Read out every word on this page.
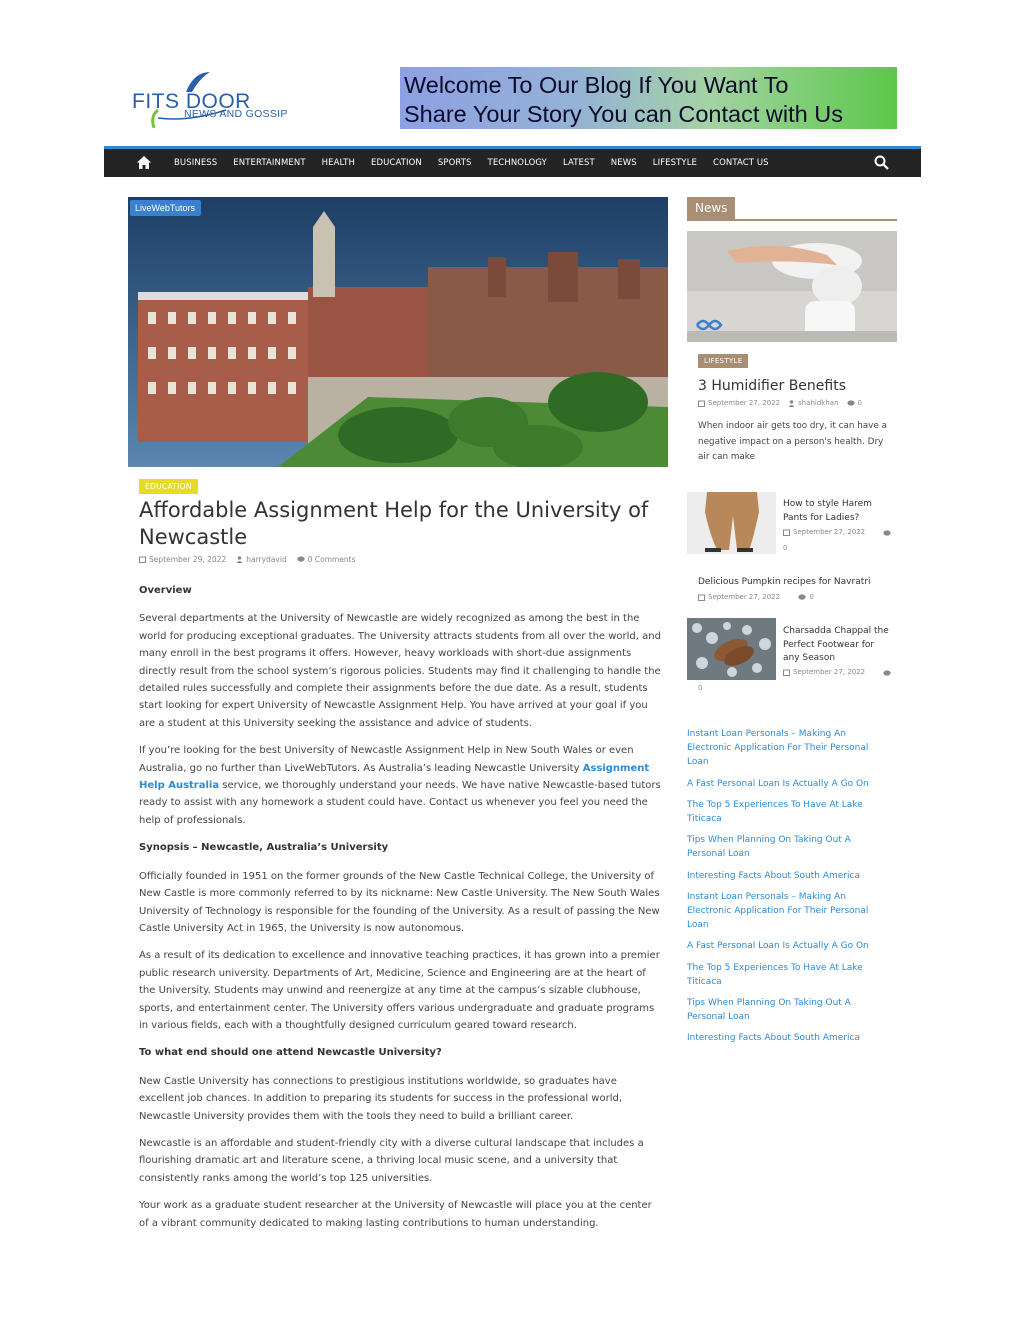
FITS DOOR
NEWS AND GOSSIP
Welcome To Our Blog If You Want To
Share Your Story You can Contact with Us
BUSINESS	ENTERTAINMENT	HEALTH	EDUCATION	SPORTS	TECHNOLOGY	LATEST	NEWS	LIFESTYLE	CONTACT US
LiveWebTutors
EDUCATION
Affordable Assignment Help for the University of Newcastle
September 29, 2022	harrydavid	0 Comments
Overview

Several departments at the University of Newcastle are widely recognized as among the best in the world for producing exceptional graduates. The University attracts students from all over the world, and many enroll in the best programs it offers. However, heavy workloads with short-due assignments directly result from the school system’s rigorous policies. Students may find it challenging to handle the detailed rules successfully and complete their assignments before the due date. As a result, students start looking for expert University of Newcastle Assignment Help. You have arrived at your goal if you are a student at this University seeking the assistance and advice of students.

If you’re looking for the best University of Newcastle Assignment Help in New South Wales or even Australia, go no further than LiveWebTutors. As Australia’s leading Newcastle University Assignment Help Australia service, we thoroughly understand your needs. We have native Newcastle-based tutors ready to assist with any homework a student could have. Contact us whenever you feel you need the help of professionals.

Synopsis – Newcastle, Australia’s University

Officially founded in 1951 on the former grounds of the New Castle Technical College, the University of New Castle is more commonly referred to by its nickname: New Castle University. The New South Wales University of Technology is responsible for the founding of the University. As a result of passing the New Castle University Act in 1965, the University is now autonomous.

As a result of its dedication to excellence and innovative teaching practices, it has grown into a premier public research university. Departments of Art, Medicine, Science and Engineering are at the heart of the University. Students may unwind and reenergize at any time at the campus’s sizable clubhouse, sports, and entertainment center. The University offers various undergraduate and graduate programs in various fields, each with a thoughtfully designed curriculum geared toward research.

To what end should one attend Newcastle University?

New Castle University has connections to prestigious institutions worldwide, so graduates have excellent job chances. In addition to preparing its students for success in the professional world, Newcastle University provides them with the tools they need to build a brilliant career.

Newcastle is an affordable and student-friendly city with a diverse cultural landscape that includes a flourishing dramatic art and literature scene, a thriving local music scene, and a university that consistently ranks among the world’s top 125 universities.

Your work as a graduate student researcher at the University of Newcastle will place you at the center of a vibrant community dedicated to making lasting contributions to human understanding.

News
LIFESTYLE
3 Humidifier Benefits
September 27, 2022	shahidkhan	0
When indoor air gets too dry, it can have a negative impact on a person's health. Dry air can make
How to style Harem Pants for Ladies?
September 27, 2022

0
Delicious Pumpkin recipes for Navratri
September 27, 2022
	0
Charsadda Chappal the Perfect Footwear for any Season
September 27, 2022

0
Instant Loan Personals – Making An Electronic Application For Their Personal Loan
A Fast Personal Loan Is Actually A Go On
The Top 5 Experiences To Have At Lake Titicaca
Tips When Planning On Taking Out A Personal Loan
Interesting Facts About South America
Instant Loan Personals – Making An Electronic Application For Their Personal Loan
A Fast Personal Loan Is Actually A Go On
The Top 5 Experiences To Have At Lake Titicaca
Tips When Planning On Taking Out A Personal Loan
Interesting Facts About South America
